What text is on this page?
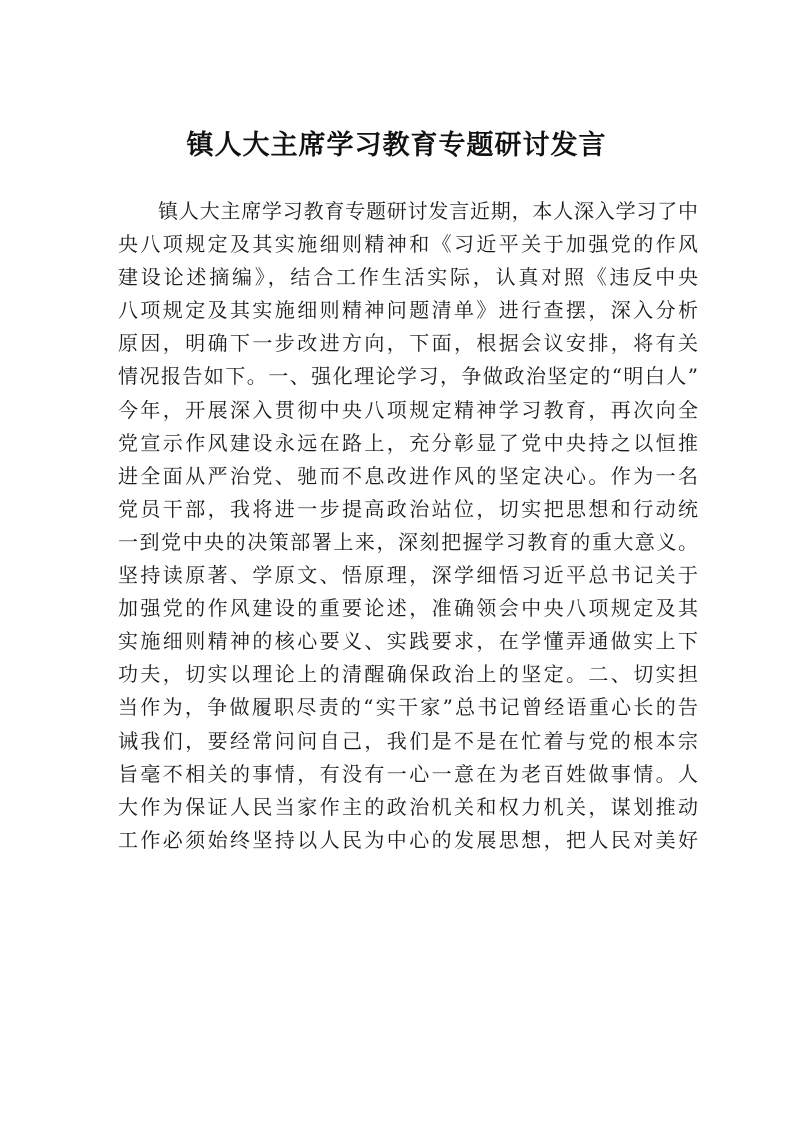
镇人大主席学习教育专题研讨发言
镇人大主席学习教育专题研讨发言近期，本人深入学习了中
央八项规定及其实施细则精神和《习近平关于加强党的作风
建设论述摘编》，结合工作生活实际，认真对照《违反中央
八项规定及其实施细则精神问题清单》进行查摆，深入分析
原因，明确下一步改进方向，下面，根据会议安排，将有关
情况报告如下。一、强化理论学习，争做政治坚定的“明白人”
今年，开展深入贯彻中央八项规定精神学习教育，再次向全
党宣示作风建设永远在路上，充分彰显了党中央持之以恒推
进全面从严治党、驰而不息改进作风的坚定决心。作为一名
党员干部，我将进一步提高政治站位，切实把思想和行动统
一到党中央的决策部署上来，深刻把握学习教育的重大意义。
坚持读原著、学原文、悟原理，深学细悟习近平总书记关于
加强党的作风建设的重要论述，准确领会中央八项规定及其
实施细则精神的核心要义、实践要求，在学懂弄通做实上下
功夫，切实以理论上的清醒确保政治上的坚定。二、切实担
当作为，争做履职尽责的“实干家”总书记曾经语重心长的告
诫我们，要经常问问自己，我们是不是在忙着与党的根本宗
旨毫不相关的事情，有没有一心一意在为老百姓做事情。人
大作为保证人民当家作主的政治机关和权力机关，谋划推动
工作必须始终坚持以人民为中心的发展思想，把人民对美好
